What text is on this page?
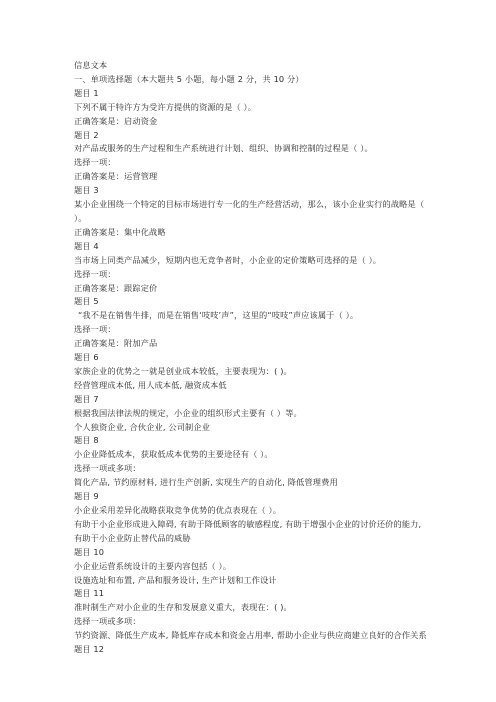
信息文本
一、单项选择题（本大题共 5 小题，每小题 2 分，共 10 分）
题目 1
下列不属于特许方为受许方提供的资源的是（ ）。
正确答案是：启动资金
题目 2
对产品或服务的生产过程和生产系统进行计划、组织、协调和控制的过程是（ ）。
选择一项：
正确答案是：运营管理
题目 3
某小企业围绕一个特定的目标市场进行专一化的生产经营活动，那么，该小企业实行的战略是（ ）。
正确答案是：集中化战略
题目 4
当市场上同类产品减少，短期内也无竞争者时，小企业的定价策略可选择的是（ ）。
选择一项：
正确答案是：跟踪定价
题目 5
“我不是在销售牛排，而是在销售‘吱吱’声”，这里的“吱吱”声应该属于（ ）。
选择一项：
正确答案是：附加产品
题目 6
家族企业的优势之一就是创业成本较低，主要表现为：( )。
经营管理成本低, 用人成本低, 融资成本低
题目 7
根据我国法律法规的规定，小企业的组织形式主要有（ ）等。
个人独资企业, 合伙企业, 公司制企业
题目 8
小企业降低成本，获取低成本优势的主要途径有（ ）。
选择一项或多项：
简化产品, 节约原材料, 进行生产创新, 实现生产的自动化, 降低管理费用
题目 9
小企业采用差异化战略获取竞争优势的优点表现在（ ）。
有助于小企业形成进入障碍, 有助于降低顾客的敏感程度, 有助于增强小企业的讨价还价的能力, 有助于小企业防止替代品的威胁
题目 10
小企业运营系统设计的主要内容包括（ ）。
设施选址和布置, 产品和服务设计, 生产计划和工作设计
题目 11
准时制生产对小企业的生存和发展意义重大，表现在：( )。
选择一项或多项：
节约资源、降低生产成本, 降低库存成本和资金占用率, 帮助小企业与供应商建立良好的合作关系
题目 12
